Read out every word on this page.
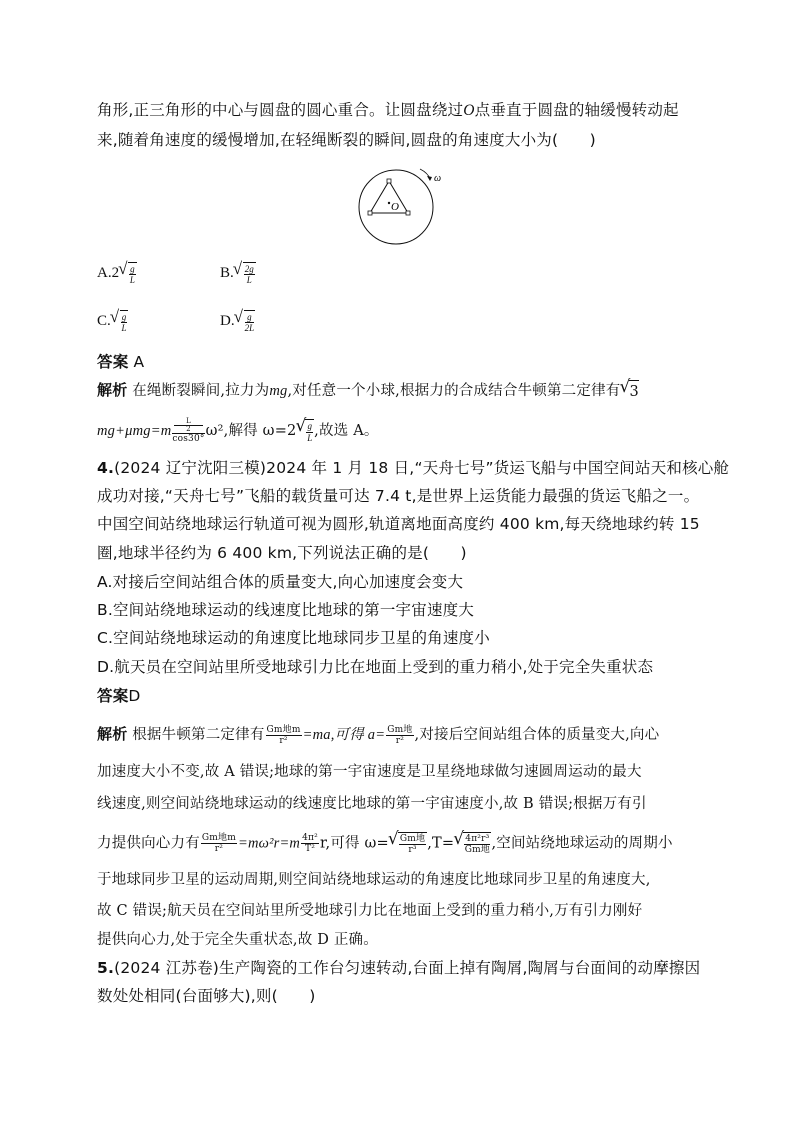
角形,正三角形的中心与圆盘的圆心重合。让圆盘绕过O点垂直于圆盘的轴缓慢转动起
来,随着角速度的缓慢增加,在轻绳断裂的瞬间,圆盘的角速度大小为(　　)
O
ω
A.2 √ $\frac{g}{L}$	B. √ $\frac{2g}{L}$
C. √ $\frac{g}{L}$	D. √ $\frac{g}{2L}$
答案 A
解析 在绳断裂瞬间,拉力为mg,对任意一个小球,根据力的合成结合牛顿第二定律有 √ 3
mg+μmg=m L
2
cos30° ω²,解得 ω=2 √ $\frac{g}{L}$ ,故选 A。
4.(2024 辽宁沈阳三模)2024 年 1 月 18 日,“天舟七号”货运飞船与中国空间站天和核心舱
成功对接,“天舟七号”飞船的载货量可达 7.4 t,是世界上运货能力最强的货运飞船之一。
中国空间站绕地球运行轨道可视为圆形,轨道离地面高度约 400 km,每天绕地球约转 15
圈,地球半径约为 6 400 km,下列说法正确的是(　　)
A.对接后空间站组合体的质量变大,向心加速度会变大
B.空间站绕地球运动的线速度比地球的第一宇宙速度大
C.空间站绕地球运动的角速度比地球同步卫星的角速度小
D.航天员在空间站里所受地球引力比在地面上受到的重力稍小,处于完全失重状态
答案D
解析 根据牛顿第二定律有 $\frac{\text{Gm地m}}{\text{r²}} =ma$,可得 $a= \frac{\text{Gm地}}{\text{r²}}$ ,对接后空间站组合体的质量变大,向心
加速度大小不变,故 A 错误;地球的第一宇宙速度是卫星绕地球做匀速圆周运动的最大
线速度,则空间站绕地球运动的线速度比地球的第一宇宙速度小,故 B 错误;根据万有引
力提供向心力有 $\frac{\text{Gm地m}}{\text{r²}} =m\omega^2r=m \frac{\text{4π²}}{\text{T²}} r$,可得 ω= √ $\frac{\text{Gm地}}{\text{r³}} ,T=$ √ $\frac{\text{4π²r³}}{\text{Gm地}}$ ,空间站绕地球运动的周期小
于地球同步卫星的运动周期,则空间站绕地球运动的角速度比地球同步卫星的角速度大,
故 C 错误;航天员在空间站里所受地球引力比在地面上受到的重力稍小,万有引力刚好
提供向心力,处于完全失重状态,故 D 正确。
5.(2024 江苏卷)生产陶瓷的工作台匀速转动,台面上掉有陶屑,陶屑与台面间的动摩擦因
数处处相同(台面够大),则(　　)
